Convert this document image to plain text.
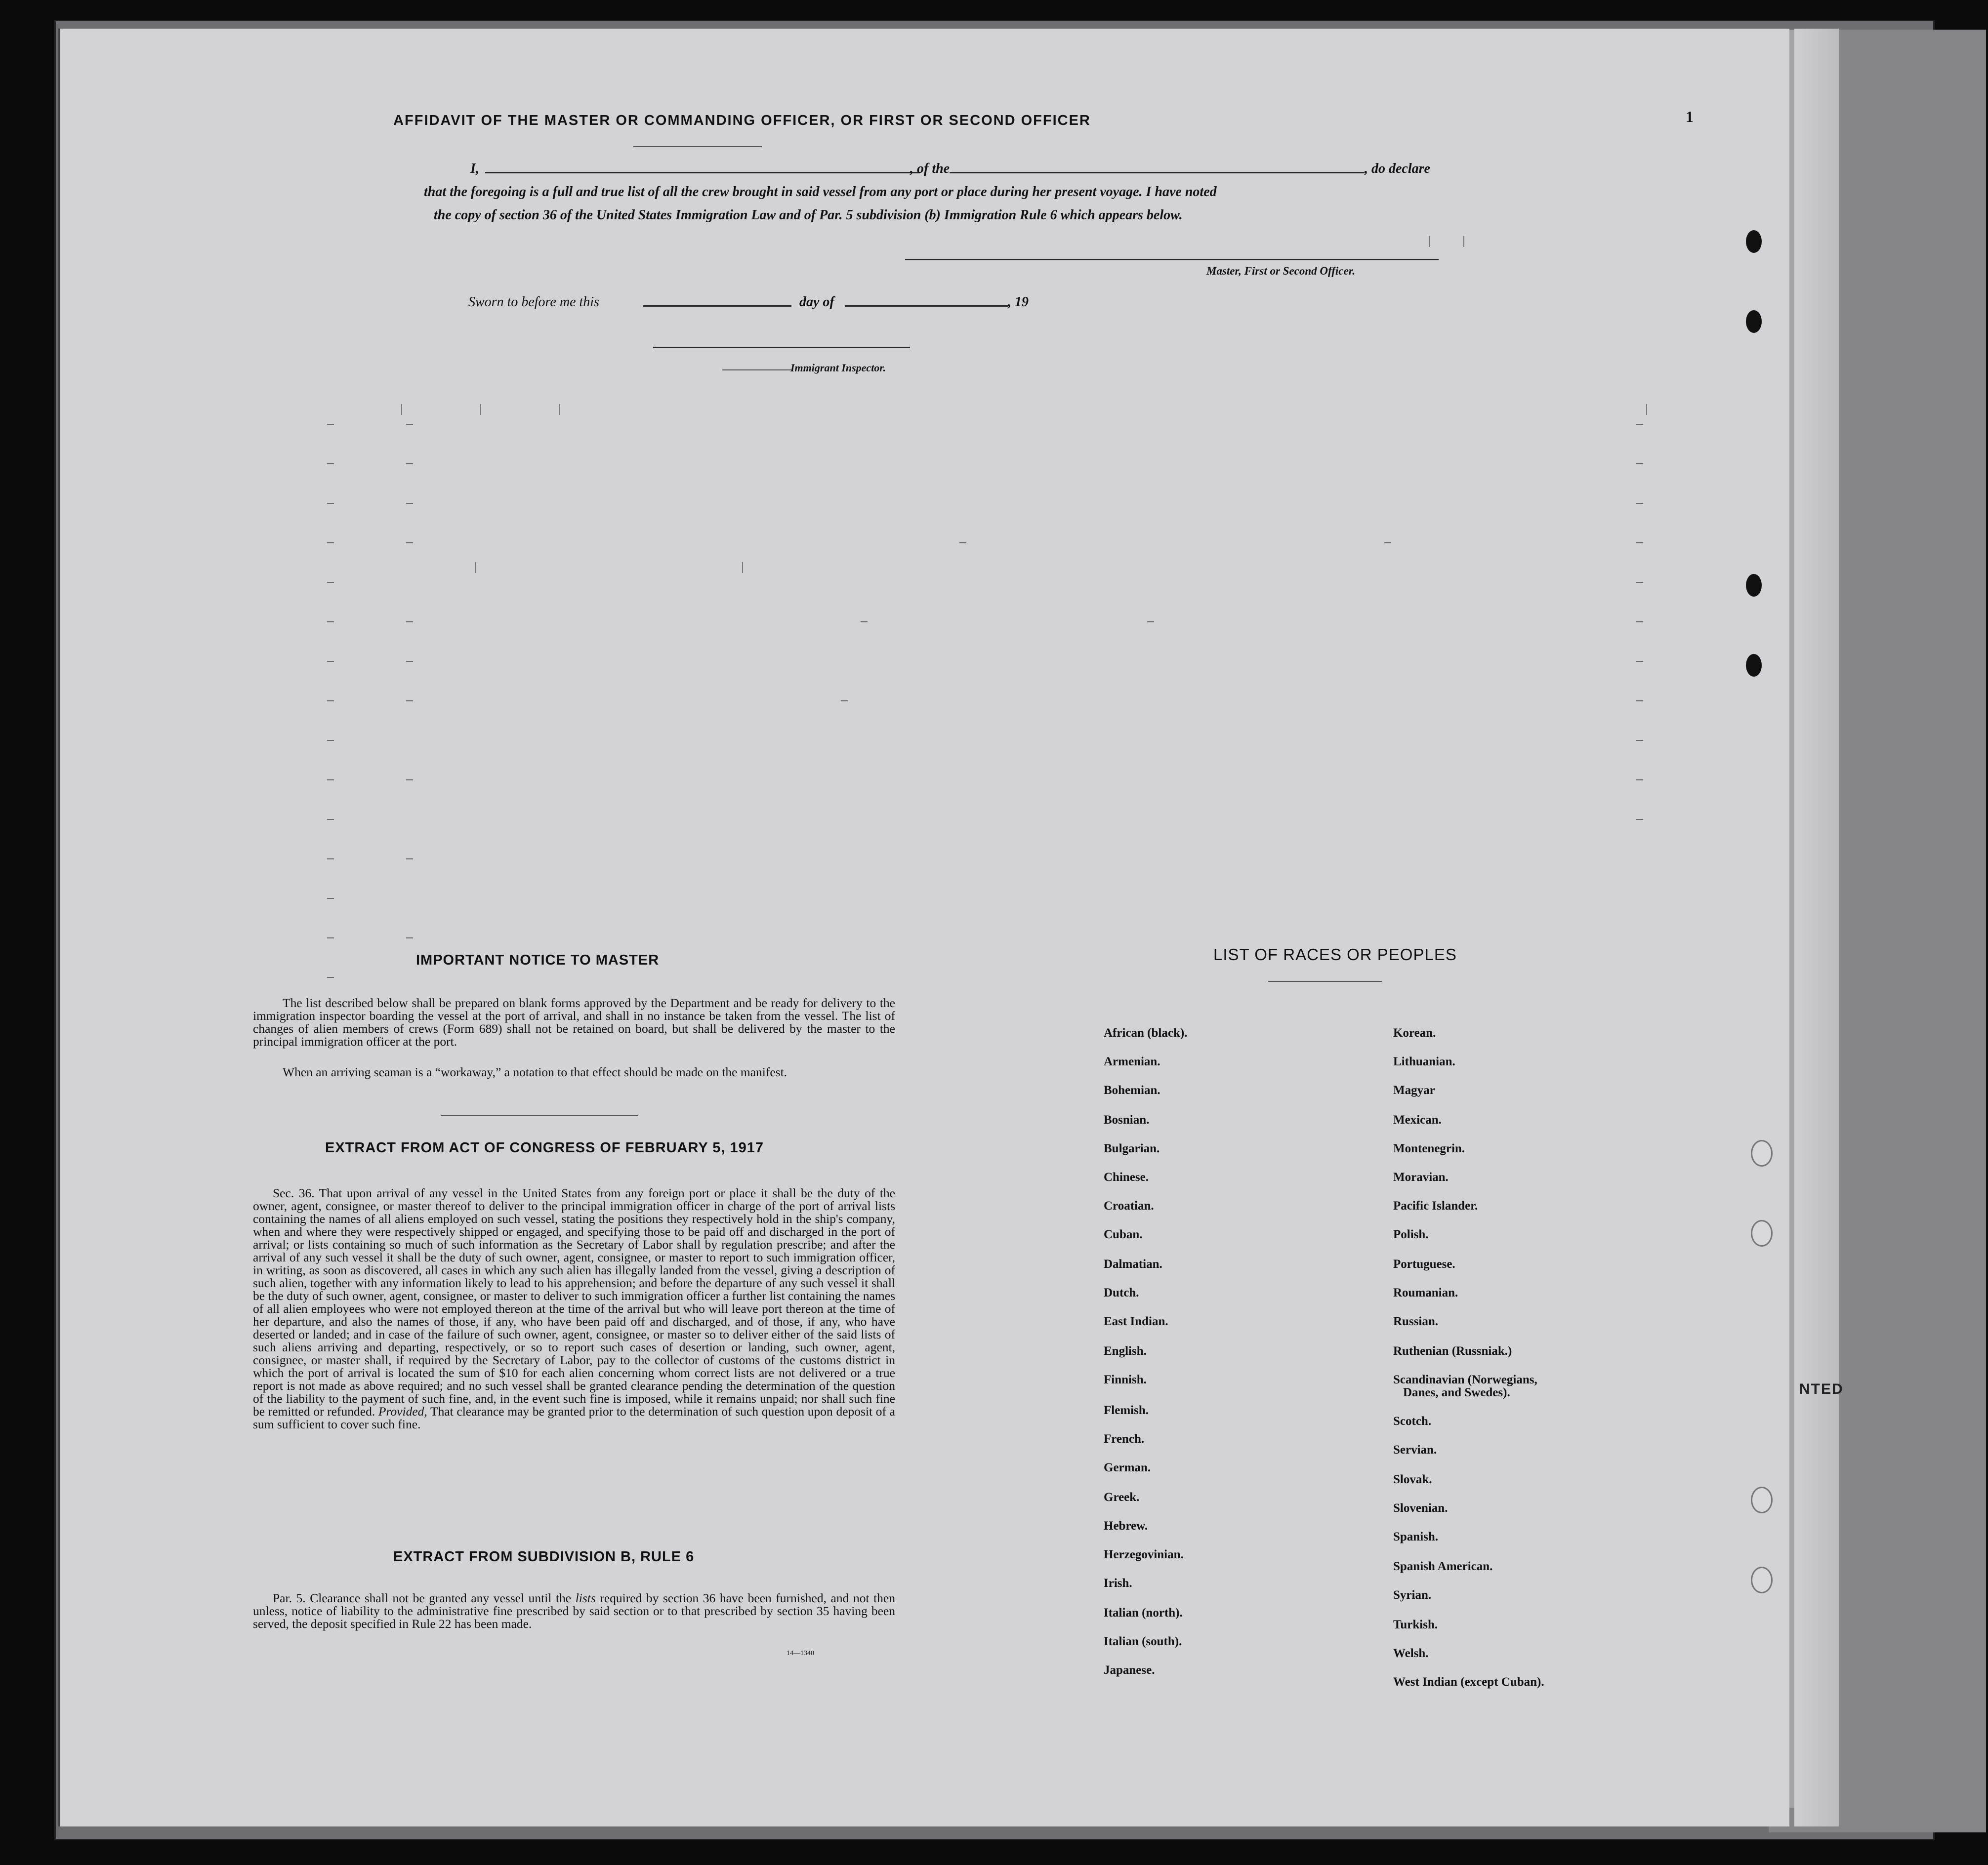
AFFIDAVIT OF THE MASTER OR COMMANDING OFFICER, OR FIRST OR SECOND OFFICER	1
I,	, of the	, do declare
that the foregoing is a full and true list of all the crew brought in said vessel from any port or place during her present voyage. I have noted
the copy of section 36 of the United States Immigration Law and of Par. 5 subdivision (b) Immigration Rule 6 which appears below.
Master, First or Second Officer.
Sworn to before me this	day of	, 19
Immigrant Inspector.
IMPORTANT NOTICE TO MASTER
The list described below shall be prepared on blank forms approved by the Department and be ready for delivery to the immigration inspector boarding the vessel at the port of arrival, and shall in no instance be taken from the vessel. The list of changes of alien members of crews (Form 689) shall not be retained on board, but shall be delivered by the master to the principal immigration officer at the port.
When an arriving seaman is a “workaway,” a notation to that effect should be made on the manifest.
EXTRACT FROM ACT OF CONGRESS OF FEBRUARY 5, 1917
Sec. 36. That upon arrival of any vessel in the United States from any foreign port or place it shall be the duty of the owner, agent, consignee, or master thereof to deliver to the principal immigration officer in charge of the port of arrival lists containing the names of all aliens employed on such vessel, stating the positions they respectively hold in the ship's company, when and where they were respectively shipped or engaged, and specifying those to be paid off and discharged in the port of arrival; or lists containing so much of such information as the Secretary of Labor shall by regulation prescribe; and after the arrival of any such vessel it shall be the duty of such owner, agent, consignee, or master to report to such immigration officer, in writing, as soon as discovered, all cases in which any such alien has illegally landed from the vessel, giving a description of such alien, together with any information likely to lead to his apprehension; and before the departure of any such vessel it shall be the duty of such owner, agent, consignee, or master to deliver to such immigration officer a further list containing the names of all alien employees who were not employed thereon at the time of the arrival but who will leave port thereon at the time of her departure, and also the names of those, if any, who have been paid off and discharged, and of those, if any, who have deserted or landed; and in case of the failure of such owner, agent, consignee, or master so to deliver either of the said lists of such aliens arriving and departing, respectively, or so to report such cases of desertion or landing, such owner, agent, consignee, or master shall, if required by the Secretary of Labor, pay to the collector of customs of the customs district in which the port of arrival is located the sum of $10 for each alien concerning whom correct lists are not delivered or a true report is not made as above required; and no such vessel shall be granted clearance pending the determination of the question of the liability to the payment of such fine, and, in the event such fine is imposed, while it remains unpaid; nor shall such fine be remitted or refunded. Provided, That clearance may be granted prior to the determination of such question upon deposit of a sum sufficient to cover such fine.
EXTRACT FROM SUBDIVISION B, RULE 6
Par. 5. Clearance shall not be granted any vessel until the lists required by section 36 have been furnished, and not then unless, notice of liability to the administrative fine prescribed by said section or to that prescribed by section 35 having been served, the deposit specified in Rule 22 has been made.
14—1340
LIST OF RACES OR PEOPLES
African (black).
Armenian.
Bohemian.
Bosnian.
Bulgarian.
Chinese.
Croatian.
Cuban.
Dalmatian.
Dutch.
East Indian.
English.
Finnish.
Flemish.
French.
German.
Greek.
Hebrew.
Herzegovinian.
Irish.
Italian (north).
Italian (south).
Japanese.
Korean.
Lithuanian.
Magyar
Mexican.
Montenegrin.
Moravian.
Pacific Islander.
Polish.
Portuguese.
Roumanian.
Russian.
Ruthenian (Russniak.)
Scandinavian (Norwegians,
Danes, and Swedes).
Scotch.
Servian.
Slovak.
Slovenian.
Spanish.
Spanish American.
Syrian.
Turkish.
Welsh.
West Indian (except Cuban).
NTED
